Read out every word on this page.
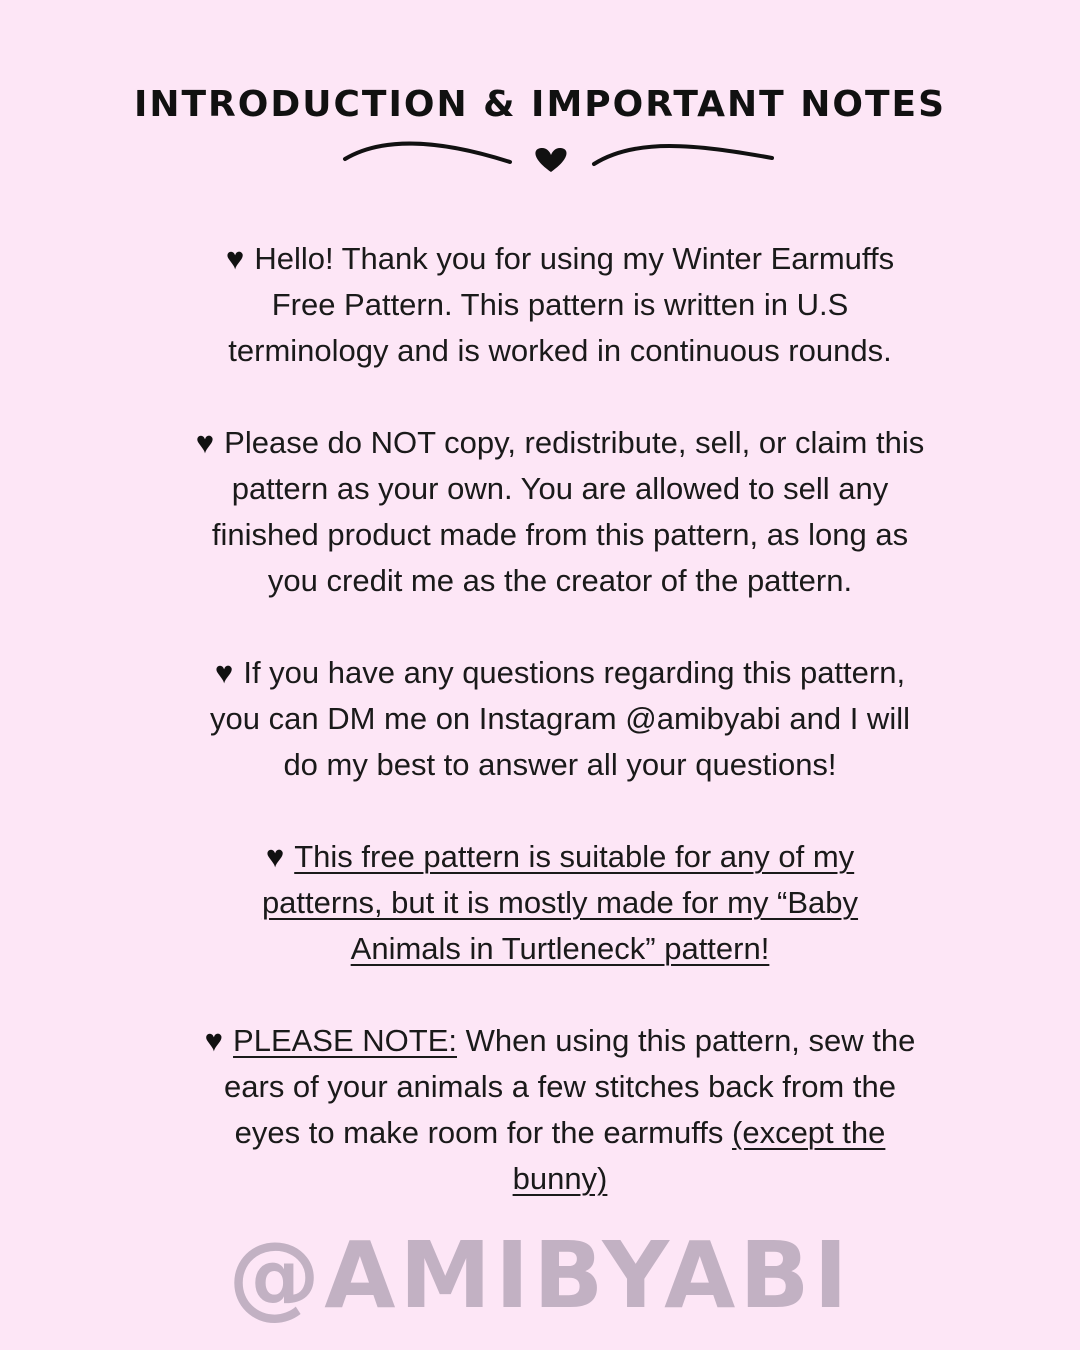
INTRODUCTION & IMPORTANT NOTES
♥ Hello! Thank you for using my Winter Earmuffs
Free Pattern. This pattern is written in U.S
terminology and is worked in continuous rounds.
♥ Please do NOT copy, redistribute, sell, or claim this
pattern as your own. You are allowed to sell any
finished product made from this pattern, as long as
you credit me as the creator of the pattern.
♥ If you have any questions regarding this pattern,
you can DM me on Instagram @amibyabi and I will
do my best to answer all your questions!
♥ This free pattern is suitable for any of my
patterns, but it is mostly made for my “Baby
Animals in Turtleneck” pattern!
♥ PLEASE NOTE: When using this pattern, sew the
ears of your animals a few stitches back from the
eyes to make room for the earmuffs (except the
bunny)
@AMIBYABI
